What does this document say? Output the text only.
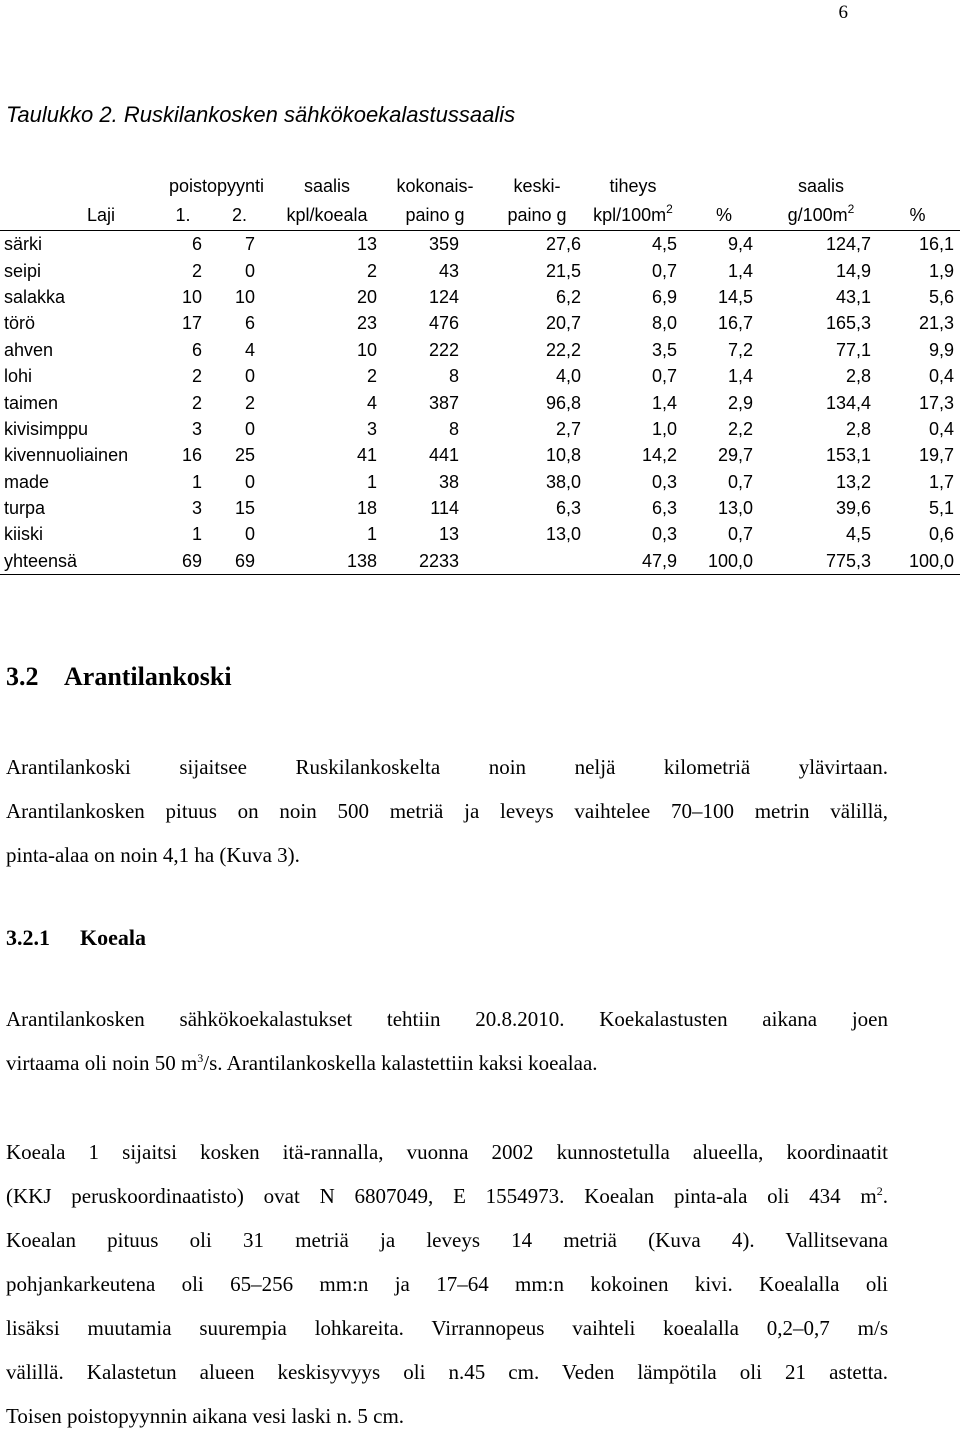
6
Taulukko 2. Ruskilankosken sähkökoekalastussaalis
	poistopyynti		saalis	kokonais-	keski-	tiheys		saalis	
Laji	1.	2.	kpl/koeala	paino g	paino g	kpl/$100m^2$	%	$g/100m^2$	%
särki	6	7	13	359	27,6	4,5	9,4	124,7	16,1
seipi	2	0	2	43	21,5	0,7	1,4	14,9	1,9
salakka	10	10	20	124	6,2	6,9	14,5	43,1	5,6
törö	17	6	23	476	20,7	8,0	16,7	165,3	21,3
ahven	6	4	10	222	22,2	3,5	7,2	77,1	9,9
lohi	2	0	2	8	4,0	0,7	1,4	2,8	0,4
taimen	2	2	4	387	96,8	1,4	2,9	134,4	17,3
kivisimppu	3	0	3	8	2,7	1,0	2,2	2,8	0,4
kivennuoliainen	16	25	41	441	10,8	14,2	29,7	153,1	19,7
made	1	0	1	38	38,0	0,3	0,7	13,2	1,7
turpa	3	15	18	114	6,3	6,3	13,0	39,6	5,1
kiiski	1	0	1	13	13,0	0,3	0,7	4,5	0,6
yhteensä	69	69	138	2233		47,9	100,0	775,3	100,0
3.2 Arantilankoski
Arantilankoski sijaitsee Ruskilankoskelta noin neljä kilometriä ylävirtaan.
Arantilankosken pituus on noin 500 metriä ja leveys vaihtelee 70–100 metrin välillä,
pinta-alaa on noin 4,1 ha (Kuva 3).
3.2.1 Koeala
Arantilankosken sähkökoekalastukset tehtiin 20.8.2010. Koekalastusten aikana joen
virtaama oli noin 50 $m^3/s$. Arantilankoskella kalastettiin kaksi koealaa.
Koeala 1 sijaitsi kosken itä-rannalla, vuonna 2002 kunnostetulla alueella, koordinaatit
(KKJ peruskoordinaatisto) ovat N 6807049, E 1554973. Koealan pinta-ala oli 434 $m^2$.
Koealan pituus oli 31 metriä ja leveys 14 metriä (Kuva 4). Vallitsevana
pohjankarkeutena oli 65–256 mm:n ja 17–64 mm:n kokoinen kivi. Koealalla oli
lisäksi muutamia suurempia lohkareita. Virrannopeus vaihteli koealalla 0,2–0,7 m/s
välillä. Kalastetun alueen keskisyvyys oli n.45 cm. Veden lämpötila oli 21 astetta.
Toisen poistopyynnin aikana vesi laski n. 5 cm.
